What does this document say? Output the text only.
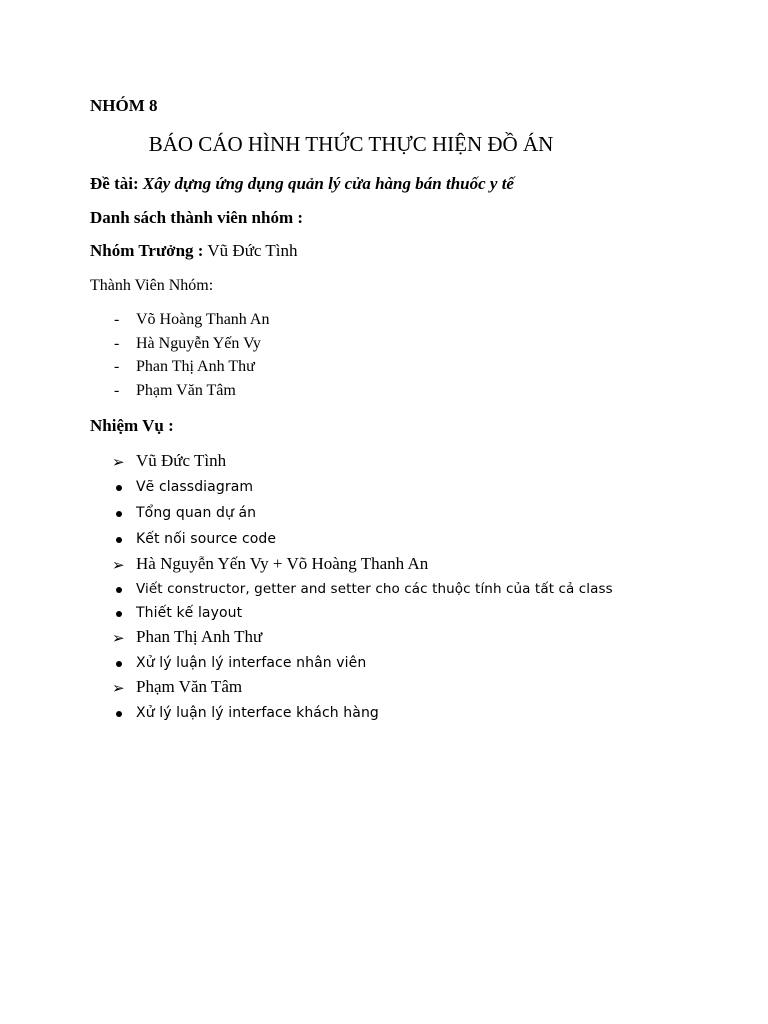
NHÓM 8
BÁO CÁO HÌNH THỨC THỰC HIỆN ĐỒ ÁN
Đề tài: Xây dựng ứng dụng quản lý cửa hàng bán thuốc y tế
Danh sách thành viên nhóm :
Nhóm Trưởng : Vũ Đức Tình
Thành Viên Nhóm:
- Võ Hoàng Thanh An
- Hà Nguyễn Yến Vy
- Phan Thị Anh Thư
- Phạm Văn Tâm
Nhiệm Vụ :
➢ Vũ Đức Tình
Vẽ classdiagram
Tổng quan dự án
Kết nối source code
➢ Hà Nguyễn Yến Vy + Võ Hoàng Thanh An
Viết constructor, getter and setter cho các thuộc tính của tất cả class
Thiết kế layout
➢ Phan Thị Anh Thư
Xử lý luận lý interface nhân viên
➢ Phạm Văn Tâm
Xử lý luận lý interface khách hàng
